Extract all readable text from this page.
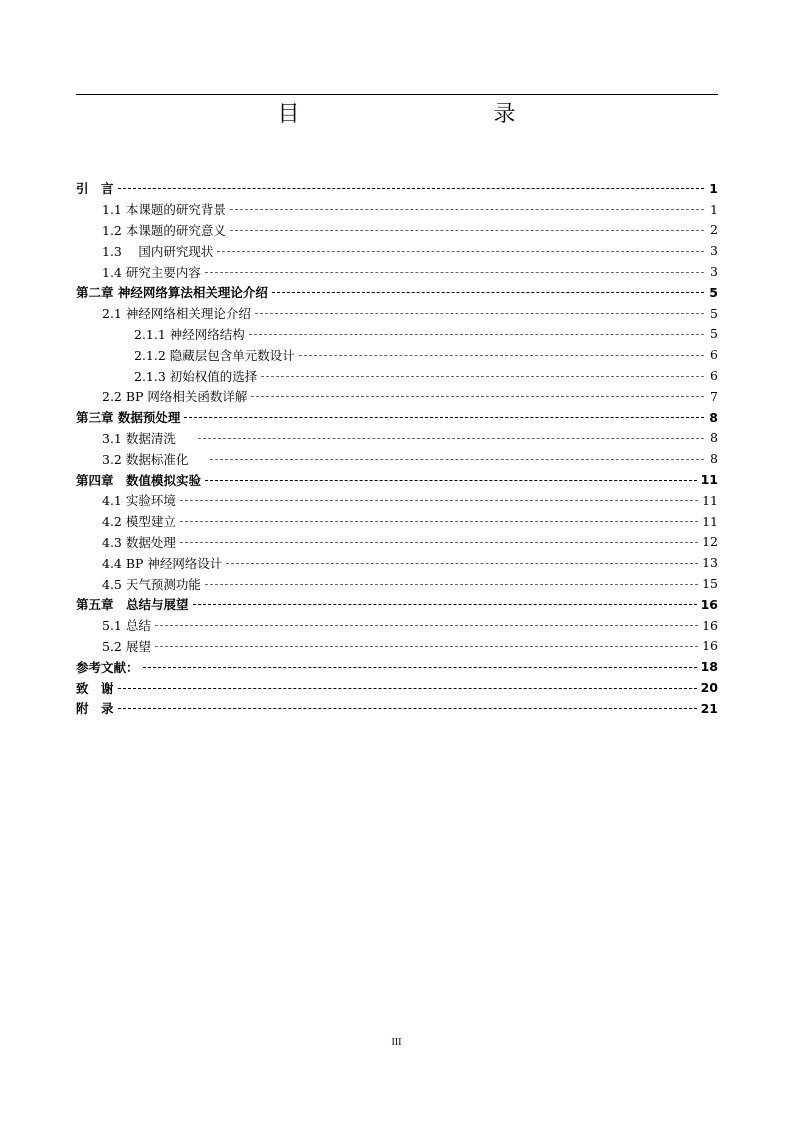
目　　录
引　言	1
1.1 本课题的研究背景	1
1.2 本课题的研究意义	2
1.3　 国内研究现状	3
1.4 研究主要内容	3
第二章 神经网络算法相关理论介绍	5
2.1 神经网络相关理论介绍	5
2.1.1 神经网络结构	5
2.1.2 隐藏层包含单元数设计	6
2.1.3 初始权值的选择	6
2.2 BP 网络相关函数详解	7
第三章 数据预处理	8
3.1 数据清洗	8
3.2 数据标准化	8
第四章　数值模拟实验	11
4.1 实验环境	11
4.2 模型建立	11
4.3 数据处理	12
4.4 BP 神经网络设计	13
4.5 天气预测功能	15
第五章　总结与展望	16
5.1 总结	16
5.2 展望	16
参考文献：	18
致　谢	20
附　录	21
III
